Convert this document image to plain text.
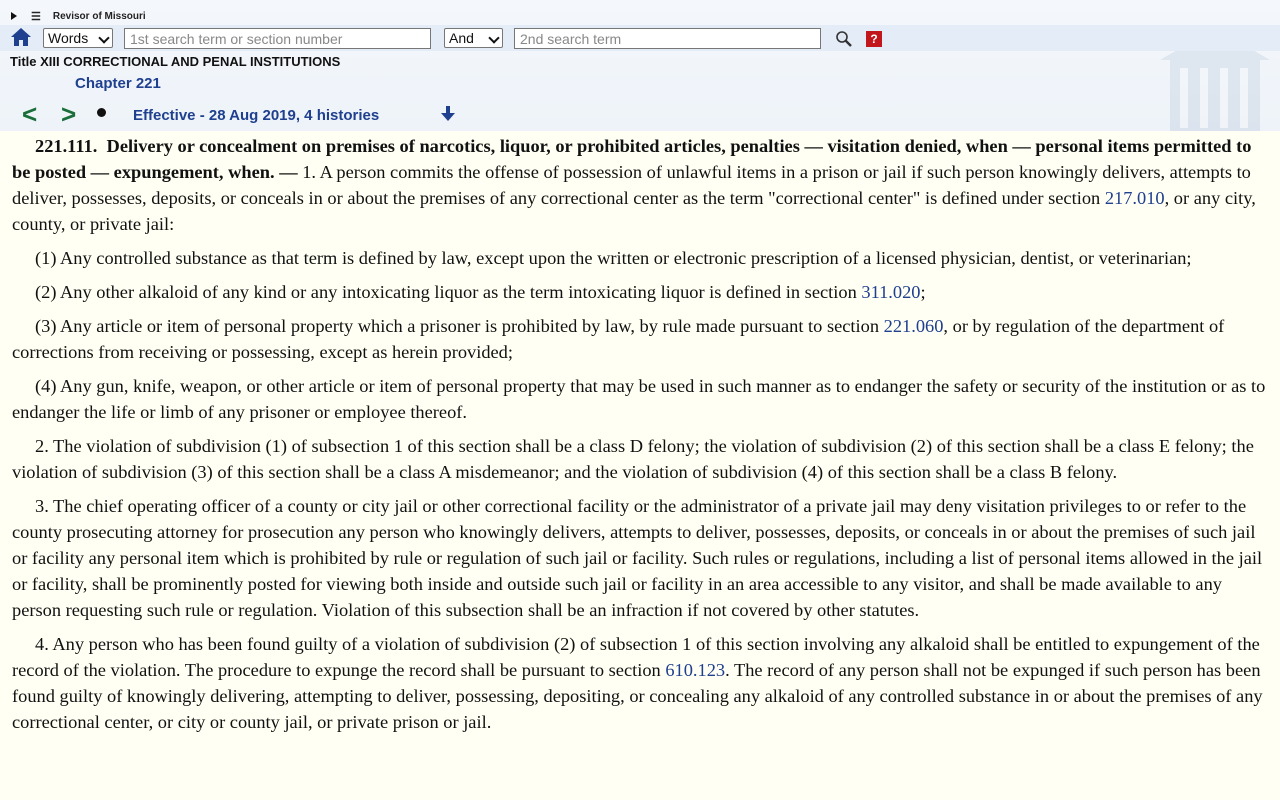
☰ Revisor of Missouri
Words
1st search term or section number	And
2nd search term	?
Title XIII CORRECTIONAL AND PENAL INSTITUTIONS
Chapter 221
< >	Effective - 28 Aug 2019, 4 histories

221.111. Delivery or concealment on premises of narcotics, liquor, or prohibited articles, penalties — visitation denied, when — personal items permitted to be posted — expungement, when. — 1. A person commits the offense of possession of unlawful items in a prison or jail if such person knowingly delivers, attempts to deliver, possesses, deposits, or conceals in or about the premises of any correctional center as the term "correctional center" is defined under section 217.010, or any city, county, or private jail:

(1) Any controlled substance as that term is defined by law, except upon the written or electronic prescription of a licensed physician, dentist, or veterinarian;

(2) Any other alkaloid of any kind or any intoxicating liquor as the term intoxicating liquor is defined in section 311.020;

(3) Any article or item of personal property which a prisoner is prohibited by law, by rule made pursuant to section 221.060, or by regulation of the department of corrections from receiving or possessing, except as herein provided;

(4) Any gun, knife, weapon, or other article or item of personal property that may be used in such manner as to endanger the safety or security of the institution or as to endanger the life or limb of any prisoner or employee thereof.

2. The violation of subdivision (1) of subsection 1 of this section shall be a class D felony; the violation of subdivision (2) of this section shall be a class E felony; the violation of subdivision (3) of this section shall be a class A misdemeanor; and the violation of subdivision (4) of this section shall be a class B felony.

3. The chief operating officer of a county or city jail or other correctional facility or the administrator of a private jail may deny visitation privileges to or refer to the county prosecuting attorney for prosecution any person who knowingly delivers, attempts to deliver, possesses, deposits, or conceals in or about the premises of such jail or facility any personal item which is prohibited by rule or regulation of such jail or facility. Such rules or regulations, including a list of personal items allowed in the jail or facility, shall be prominently posted for viewing both inside and outside such jail or facility in an area accessible to any visitor, and shall be made available to any person requesting such rule or regulation. Violation of this subsection shall be an infraction if not covered by other statutes.

4. Any person who has been found guilty of a violation of subdivision (2) of subsection 1 of this section involving any alkaloid shall be entitled to expungement of the record of the violation. The procedure to expunge the record shall be pursuant to section 610.123. The record of any person shall not be expunged if such person has been found guilty of knowingly delivering, attempting to deliver, possessing, depositing, or concealing any alkaloid of any controlled substance in or about the premises of any correctional center, or city or county jail, or private prison or jail.
